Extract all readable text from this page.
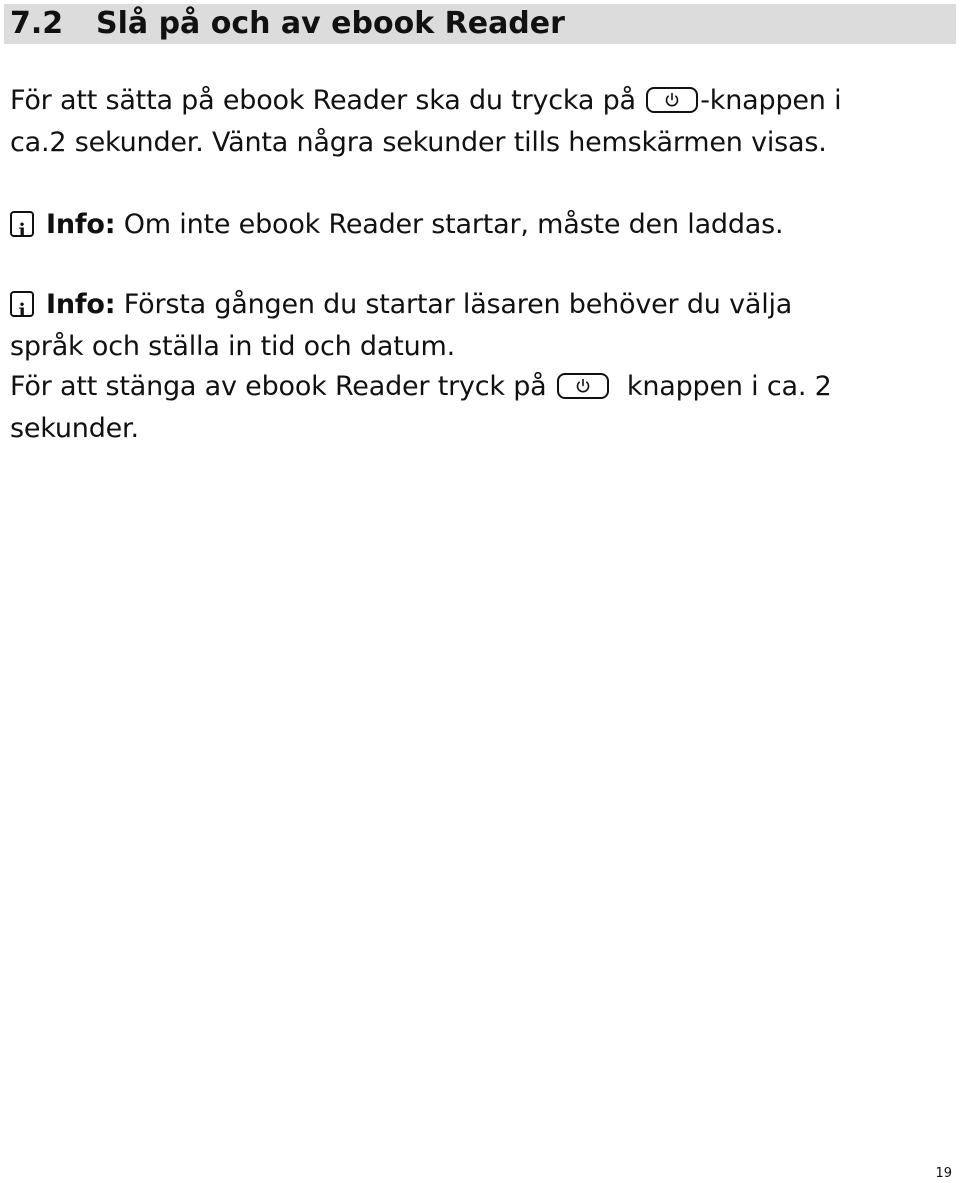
7.2 Slå på och av ebook Reader
För att sätta på ebook Reader ska du trycka på -knappen i
ca.2 sekunder. Vänta några sekunder tills hemskärmen visas.
i Info: Om inte ebook Reader startar, måste den laddas.
i Info: Första gången du startar läsaren behöver du välja
språk och ställa in tid och datum.
För att stänga av ebook Reader tryck på	knappen i ca. 2
sekunder.
19
